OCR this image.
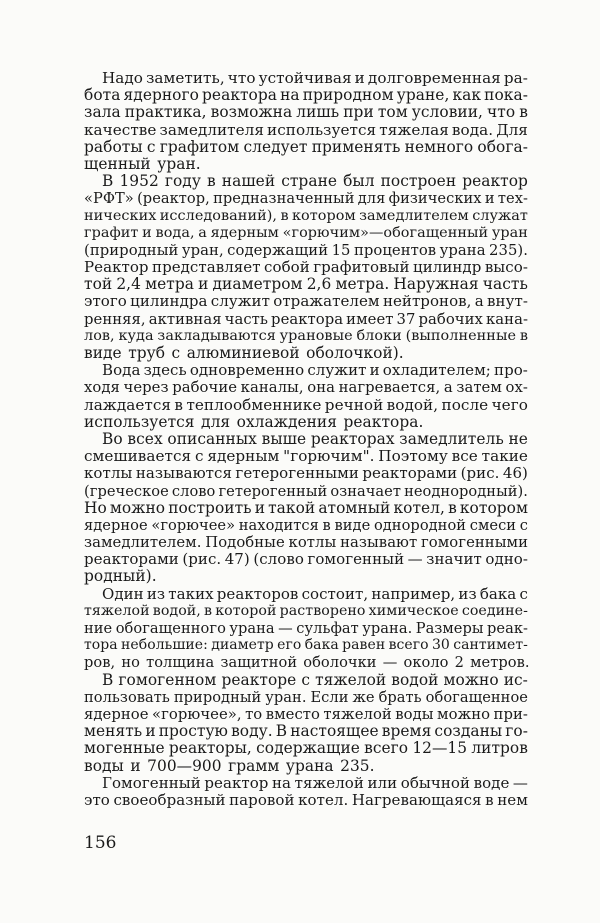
Надо заметить, что устойчивая и долговременная ра-
бота ядерного реактора на природном уране, как пока-
зала практика, возможна лишь при том условии, что в
качестве замедлителя используется тяжелая вода. Для
работы с графитом следует применять немного обога-
щенный уран.
В 1952 году в нашей стране был построен реактор
«РФТ» (реактор, предназначенный для физических и тех-
нических исследований), в котором замедлителем служат
графит и вода, а ядерным «горючим»—обогащенный уран
(природный уран, содержащий 15 процентов урана 235).
Реактор представляет собой графитовый цилиндр высо-
той 2,4 метра и диаметром 2,6 метра. Наружная часть
этого цилиндра служит отражателем нейтронов, а внут-
ренняя, активная часть реактора имеет 37 рабочих кана-
лов, куда закладываются урановые блоки (выполненные в
виде труб с алюминиевой оболочкой).
Вода здесь одновременно служит и охладителем; про-
ходя через рабочие каналы, она нагревается, а затем ох-
лаждается в теплообменнике речной водой, после чего
используется для охлаждения реактора.
Во всех описанных выше реакторах замедлитель не
смешивается с ядерным "горючим". Поэтому все такие
котлы называются гетерогенными реакторами (рис. 46)
(греческое слово гетерогенный означает неоднородный).
Но можно построить и такой атомный котел, в котором
ядерное «горючее» находится в виде однородной смеси с
замедлителем. Подобные котлы называют гомогенными
реакторами (рис. 47) (слово гомогенный — значит одно-
родный).
Один из таких реакторов состоит, например, из бака с
тяжелой водой, в которой растворено химическое соедине-
ние обогащенного урана — сульфат урана. Размеры реак-
тора небольшие: диаметр его бака равен всего 30 сантимет-
ров, но толщина защитной оболочки — около 2 метров.
В гомогенном реакторе с тяжелой водой можно ис-
пользовать природный уран. Если же брать обогащенное
ядерное «горючее», то вместо тяжелой воды можно при-
менять и простую воду. В настоящее время созданы го-
могенные реакторы, содержащие всего 12—15 литров
воды и 700—900 грамм урана 235.
Гомогенный реактор на тяжелой или обычной воде —
это своеобразный паровой котел. Нагревающаяся в нем
156
